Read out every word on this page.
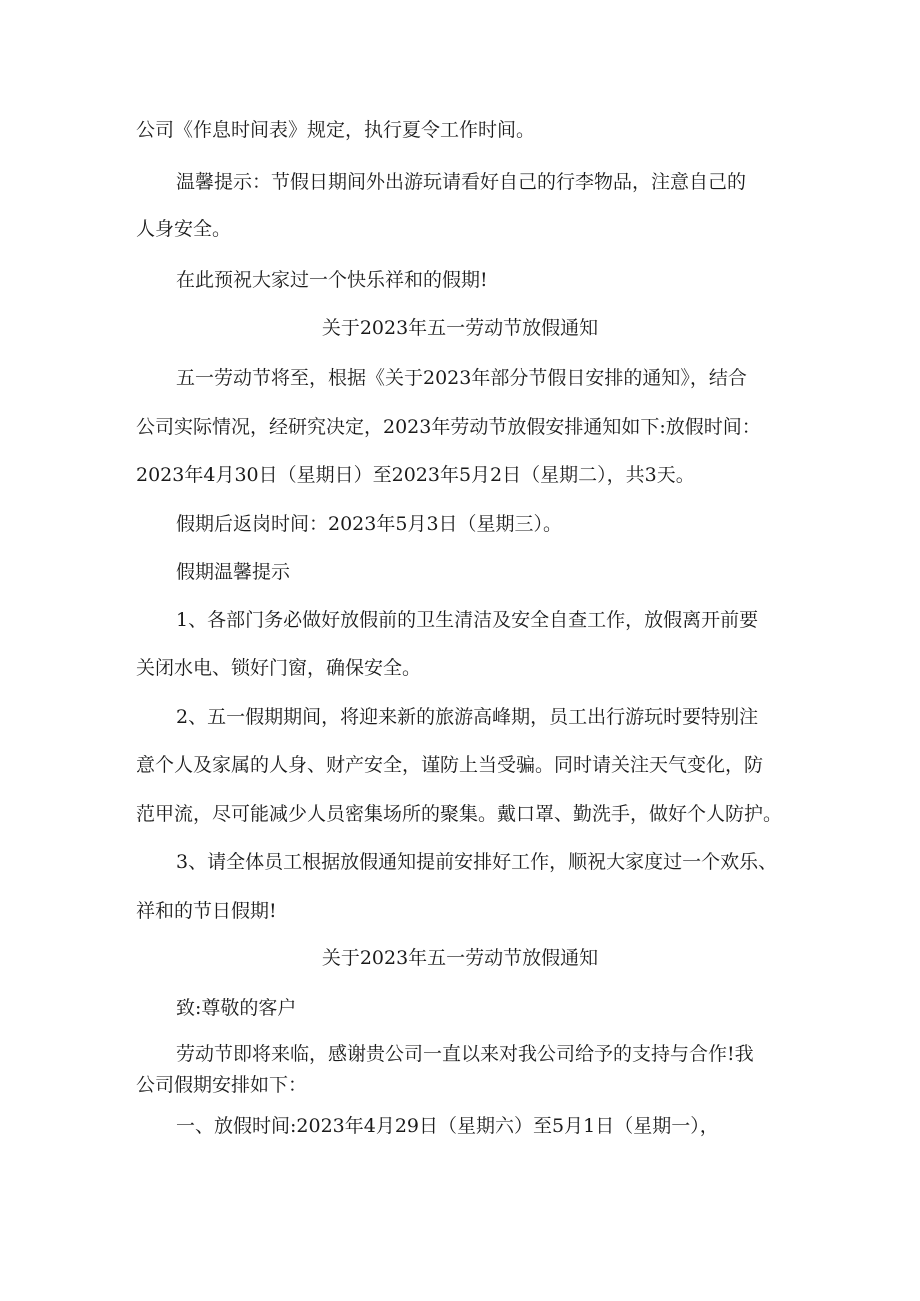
公司《作息时间表》规定，执行夏令工作时间。
温馨提示：节假日期间外出游玩请看好自己的行李物品，注意自己的
人身安全。
在此预祝大家过一个快乐祥和的假期!
关于2023年五一劳动节放假通知
五一劳动节将至，根据《关于2023年部分节假日安排的通知》，结合
公司实际情况，经研究决定，2023年劳动节放假安排通知如下:放假时间：
2023年4月30日（星期日）至2023年5月2日（星期二），共3天。
假期后返岗时间：2023年5月3日（星期三）。
假期温馨提示
1、各部门务必做好放假前的卫生清洁及安全自查工作，放假离开前要
关闭水电、锁好门窗，确保安全。
2、五一假期期间，将迎来新的旅游高峰期，员工出行游玩时要特别注
意个人及家属的人身、财产安全，谨防上当受骗。同时请关注天气变化，防
范甲流，尽可能减少人员密集场所的聚集。戴口罩、勤洗手，做好个人防护。
3、请全体员工根据放假通知提前安排好工作，顺祝大家度过一个欢乐、
祥和的节日假期!
关于2023年五一劳动节放假通知
致:尊敬的客户
劳动节即将来临，感谢贵公司一直以来对我公司给予的支持与合作!我
公司假期安排如下：
一、放假时间:2023年4月29日（星期六）至5月1日（星期一），
